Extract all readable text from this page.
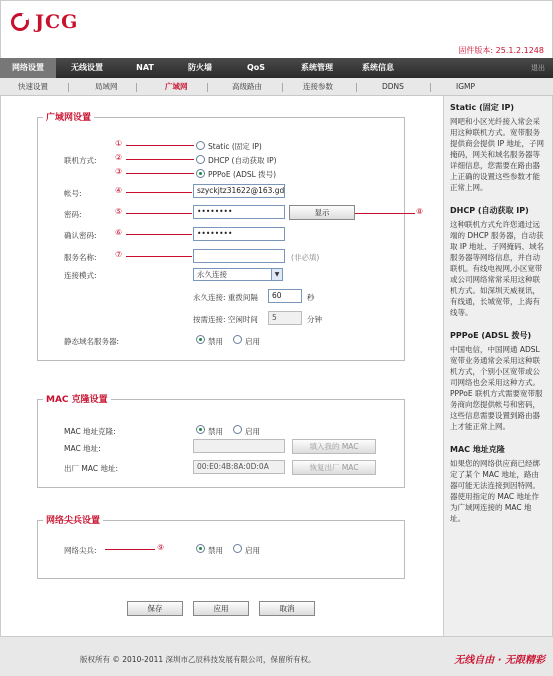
JCG
固件版本: 25.1.2.1248
网络设置	无线设置	NAT	防火墙	QoS	系统管理	系统信息	退出
快速设置	局域网	广域网	高级路由	连接参数	DDNS	IGMP
广域网设置
①
②
③
联机方式:
Static (固定 IP)
DHCP (自动获取 IP)
PPPoE (ADSL 拨号)
帐号:	④	szyckjtz31622@163.gd
密码:	⑤	••••••••	显示	⑧
确认密码: ⑥	••••••••
服务名称: ⑦	(非必填)
连接模式:	永久连接	▼
永久连接: 重拨间隔	60	秒
按需连接: 空闲时间	5	分钟
静态域名服务器:	禁用	启用
MAC 克隆设置
MAC 地址克隆:	禁用	启用
MAC 地址:	填入我的 MAC
出厂 MAC 地址:	00:E0:4B:8A:0D:0A	恢复出厂 MAC
网络尖兵设置
网络尖兵:	⑨	禁用	启用
保存	应用	取消
Static (固定 IP)
网吧和小区光纤接入常会采用这种联机方式。宽带服务提供商会提供 IP 地址，子网掩码，网关和域名服务器等详细信息，您需要在路由器上正确的设置这些参数才能正常上网。
DHCP (自动获取 IP)
这种联机方式允许您通过远端的 DHCP 服务器，自动获取 IP 地址、子网掩码、域名服务器等网络信息，并自动联机。有线电视网,小区宽带或公司网络常常采用这种联机方式。如深圳天威视讯，有线通，长城宽带，上海有线等。
PPPoE (ADSL 拨号)
中国电信，中国网通 ADSL 宽带业务通常会采用这种联机方式，个别小区宽带或公司网络也会采用这种方式。PPPoE 联机方式需要宽带服务商向您提供帐号和密码，这些信息需要设置到路由器上才能正常上网。
MAC 地址克隆
如果您的网络供应商已经绑定了某个 MAC 地址，路由器可能无法连接到因特网。器使用指定的 MAC 地址作为广域网连接的 MAC 地址。
版权所有 © 2010-2011 深圳市乙辰科技发展有限公司，保留所有权。	无线自由 · 无限精彩
